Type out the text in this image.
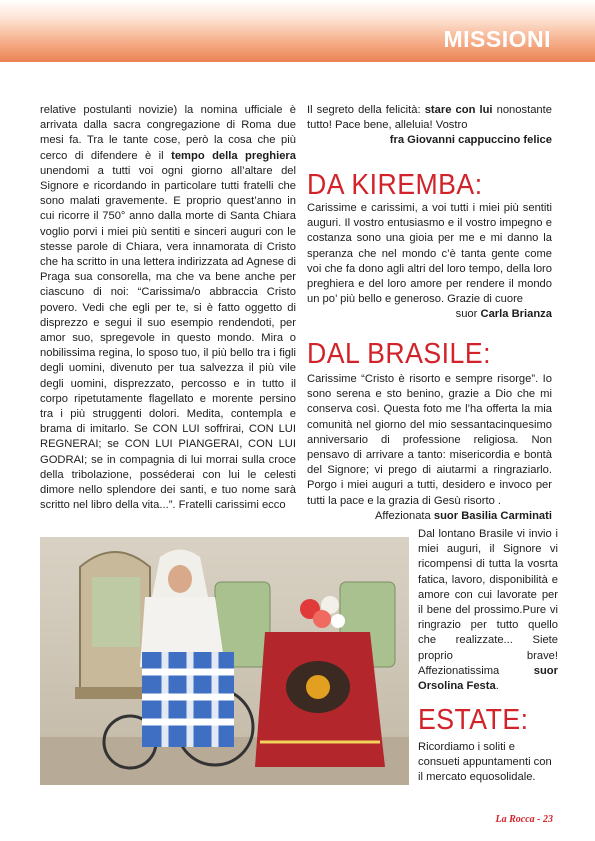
MISSIONI

relative postulanti novizie) la nomina ufficiale è arrivata dalla sacra congregazione di Roma due mesi fa. Tra le tante cose, però la cosa che più cerco di difendere è il tempo della preghiera unendomi a tutti voi ogni giorno all’altare del Signore e ricordando in particolare tutti fratelli che sono malati gravemente. E proprio quest’anno in cui ricorre il 750° anno dalla morte di Santa Chiara voglio porvi i miei più sentiti e sinceri auguri con le stesse parole di Chiara, vera innamorata di Cristo che ha scritto in una lettera indirizzata ad Agnese di Praga sua consorella, ma che va bene anche per ciascuno di noi: “Carissima/o abbraccia Cristo povero. Vedi che egli per te, si è fatto oggetto di disprezzo e segui il suo esempio rendendoti, per amor suo, spregevole in questo mondo. Mira o nobilissima regina, lo sposo tuo, il più bello tra i figli degli uomini, divenuto per tua salvezza il più vile degli uomini, disprezzato, percosso e in tutto il corpo ripetutamente flagellato e morente persino tra i più struggenti dolori. Medita, contempla e brama di imitarlo. Se CON LUI soffrirai, CON LUI REGNERAI; se CON LUI PIANGERAI, CON LUI GODRAI; se in compagnia di lui morrai sulla croce della tribolazione, posséderai con lui le celesti dimore nello splendore dei santi, e tuo nome sarà scritto nel libro della vita...”. Fratelli carissimi ecco

Il segreto della felicità: stare con lui nonostante tutto! Pace bene, alleluia! Vostro

fra Giovanni cappuccino felice

DA KIREMBA:

Carissime e carissimi, a voi tutti i miei più sentiti auguri. Il vostro entusiasmo e il vostro impegno e costanza sono una gioia per me e mi danno la speranza che nel mondo c’è tanta gente come voi che fa dono agli altri del loro tempo, della loro preghiera e del loro amore per rendere il mondo un po’ più bello e generoso. Grazie di cuore

suor Carla Brianza

DAL BRASILE:

Carissime “Cristo è risorto e sempre risorge”. Io sono serena e sto benino, grazie a Dio che mi conserva così. Questa foto me l’ha offerta la mia comunità nel giorno del mio sessantacinquesimo anniversario di professione religiosa. Non pensavo di arrivare a tanto: misericordia e bontà del Signore; vi prego di aiutarmi a ringraziarlo. Porgo i miei auguri a tutti, desidero e invoco per tutti la pace e la grazia di Gesù risorto .

Affezionata suor Basilia Carminati

Dal lontano Brasile vi invio i miei auguri, il Signore vi ricompensi di tutta la vosrta fatica, lavoro, disponibilità e amore con cui lavorate per il bene del prossimo.Pure vi ringrazio per tutto quello che realizzate... Siete proprio brave! Affezionatissima suor Orsolina Festa.

ESTATE:

Ricordiamo i soliti e consueti appuntamenti con il mercato equosolidale.

La Rocca - 23
